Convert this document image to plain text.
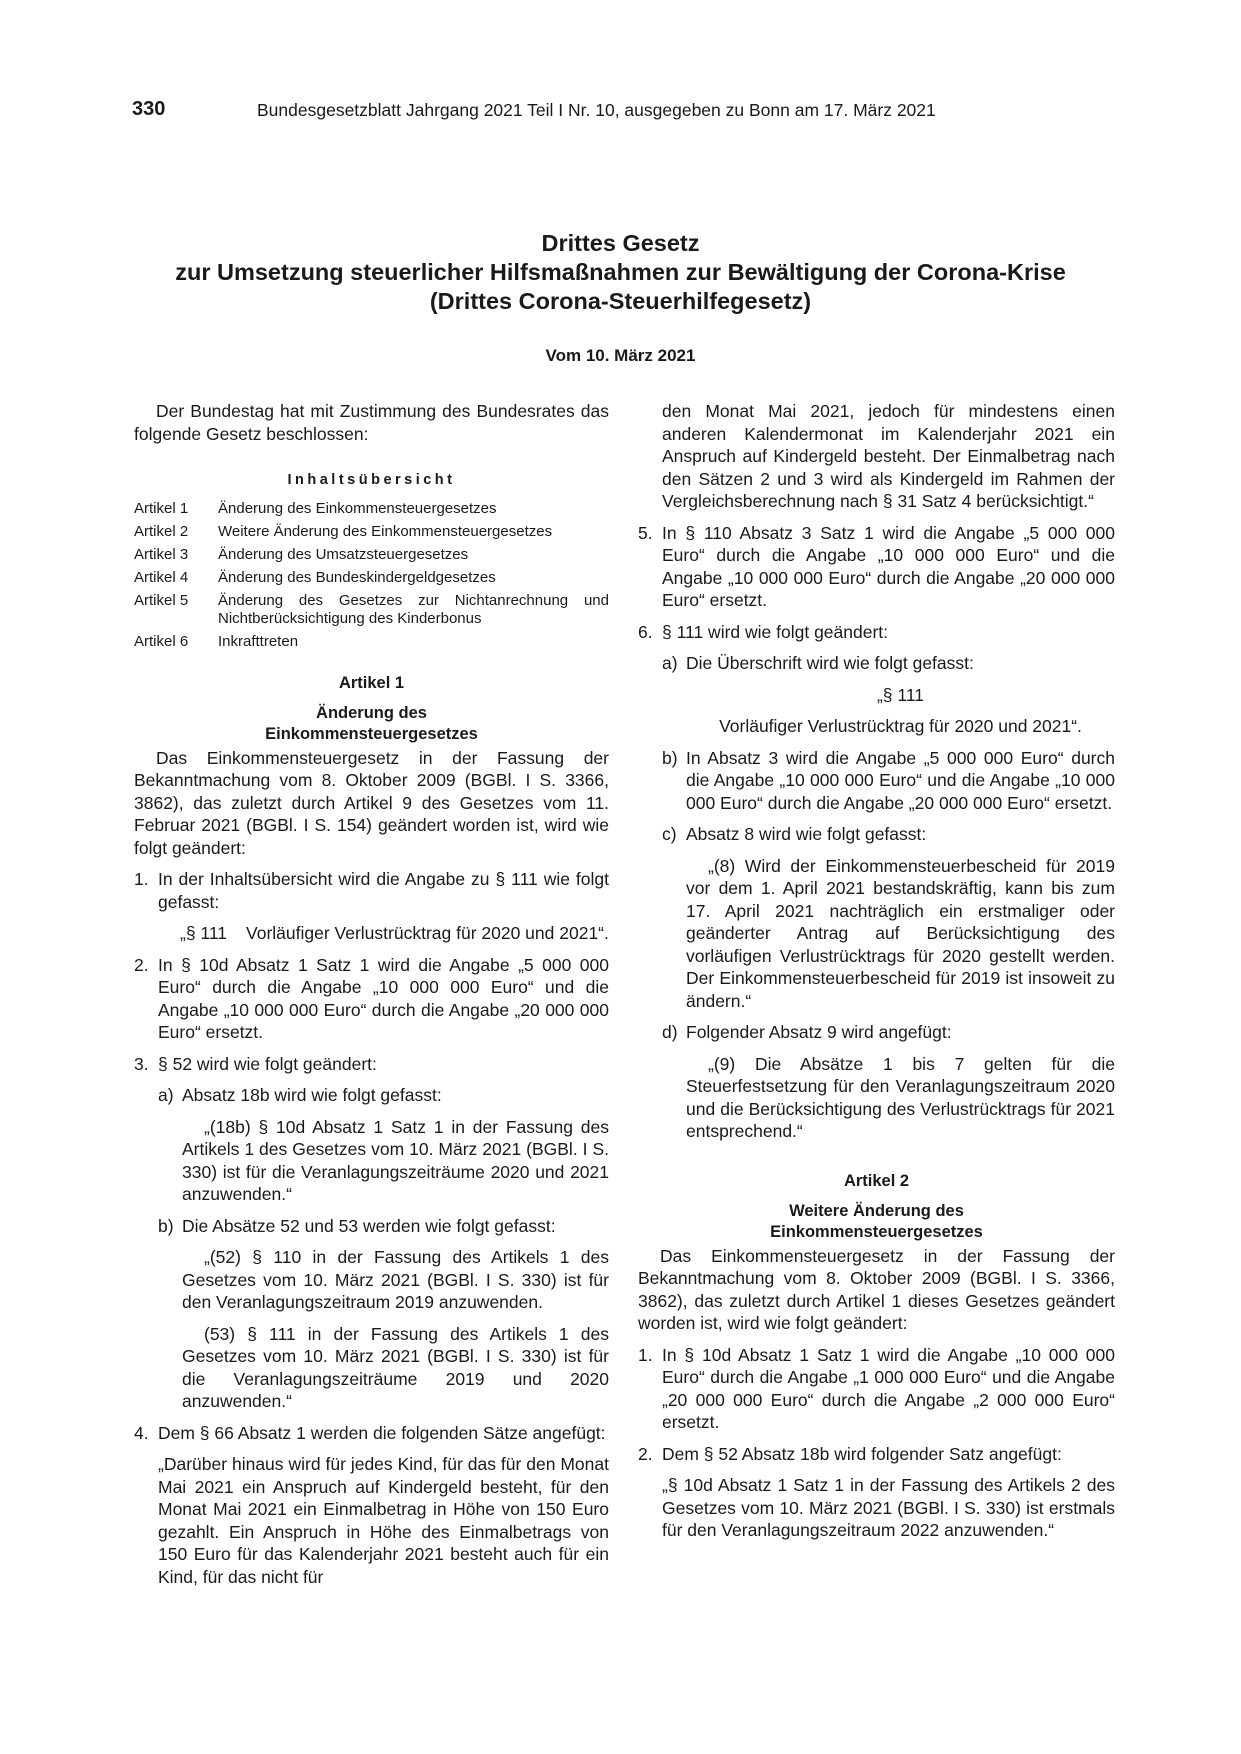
330	Bundesgesetzblatt Jahrgang 2021 Teil I Nr. 10, ausgegeben zu Bonn am 17. März 2021
Drittes Gesetz
zur Umsetzung steuerlicher Hilfsmaßnahmen zur Bewältigung der Corona-Krise
(Drittes Corona-Steuerhilfegesetz)
Vom 10. März 2021

Der Bundestag hat mit Zustimmung des Bundesrates das folgende Gesetz beschlossen:

Inhaltsübersicht
Artikel 1	Änderung des Einkommensteuergesetzes
Artikel 2	Weitere Änderung des Einkommensteuergesetzes
Artikel 3	Änderung des Umsatzsteuergesetzes
Artikel 4	Änderung des Bundeskindergeldgesetzes
Artikel 5	Änderung des Gesetzes zur Nichtanrechnung und Nichtberücksichtigung des Kinderbonus
Artikel 6	Inkrafttreten
Artikel 1
Änderung des
Einkommensteuergesetzes

Das Einkommensteuergesetz in der Fassung der Bekanntmachung vom 8. Oktober 2009 (BGBl. I S. 3366, 3862), das zuletzt durch Artikel 9 des Gesetzes vom 11. Februar 2021 (BGBl. I S. 154) geändert worden ist, wird wie folgt geändert:

1. In der Inhaltsübersicht wird die Angabe zu § 111 wie folgt gefasst:

„§ 111	Vorläufiger Verlustrücktrag für 2020 und 2021“.
2. In § 10d Absatz 1 Satz 1 wird die Angabe „5 000 000 Euro“ durch die Angabe „10 000 000 Euro“ und die Angabe „10 000 000 Euro“ durch die Angabe „20 000 000 Euro“ ersetzt.

3. § 52 wird wie folgt geändert:

a) Absatz 18b wird wie folgt gefasst:

„(18b) § 10d Absatz 1 Satz 1 in der Fassung des Artikels 1 des Gesetzes vom 10. März 2021 (BGBl. I S. 330) ist für die Veranlagungszeiträume 2020 und 2021 anzuwenden.“

b) Die Absätze 52 und 53 werden wie folgt gefasst:

„(52) § 110 in der Fassung des Artikels 1 des Gesetzes vom 10. März 2021 (BGBl. I S. 330) ist für den Veranlagungszeitraum 2019 anzuwenden.

(53) § 111 in der Fassung des Artikels 1 des Gesetzes vom 10. März 2021 (BGBl. I S. 330) ist für die Veranlagungszeiträume 2019 und 2020 anzuwenden.“

4. Dem § 66 Absatz 1 werden die folgenden Sätze angefügt:

„Darüber hinaus wird für jedes Kind, für das für den Monat Mai 2021 ein Anspruch auf Kindergeld besteht, für den Monat Mai 2021 ein Einmalbetrag in Höhe von 150 Euro gezahlt. Ein Anspruch in Höhe des Einmalbetrags von 150 Euro für das Kalenderjahr 2021 besteht auch für ein Kind, für das nicht für

den Monat Mai 2021, jedoch für mindestens einen anderen Kalendermonat im Kalenderjahr 2021 ein Anspruch auf Kindergeld besteht. Der Einmalbetrag nach den Sätzen 2 und 3 wird als Kindergeld im Rahmen der Vergleichsberechnung nach § 31 Satz 4 berücksichtigt.“

5. In § 110 Absatz 3 Satz 1 wird die Angabe „5 000 000 Euro“ durch die Angabe „10 000 000 Euro“ und die Angabe „10 000 000 Euro“ durch die Angabe „20 000 000 Euro“ ersetzt.

6. § 111 wird wie folgt geändert:

a) Die Überschrift wird wie folgt gefasst:

„§ 111

Vorläufiger Verlustrücktrag für 2020 und 2021“.

b) In Absatz 3 wird die Angabe „5 000 000 Euro“ durch die Angabe „10 000 000 Euro“ und die Angabe „10 000 000 Euro“ durch die Angabe „20 000 000 Euro“ ersetzt.

c) Absatz 8 wird wie folgt gefasst:

„(8) Wird der Einkommensteuerbescheid für 2019 vor dem 1. April 2021 bestandskräftig, kann bis zum 17. April 2021 nachträglich ein erstmaliger oder geänderter Antrag auf Berücksichtigung des vorläufigen Verlustrücktrags für 2020 gestellt werden. Der Einkommensteuerbescheid für 2019 ist insoweit zu ändern.“

d) Folgender Absatz 9 wird angefügt:

„(9) Die Absätze 1 bis 7 gelten für die Steuerfestsetzung für den Veranlagungszeitraum 2020 und die Berücksichtigung des Verlustrücktrags für 2021 entsprechend.“

Artikel 2
Weitere Änderung des
Einkommensteuergesetzes

Das Einkommensteuergesetz in der Fassung der Bekanntmachung vom 8. Oktober 2009 (BGBl. I S. 3366, 3862), das zuletzt durch Artikel 1 dieses Gesetzes geändert worden ist, wird wie folgt geändert:

1. In § 10d Absatz 1 Satz 1 wird die Angabe „10 000 000 Euro“ durch die Angabe „1 000 000 Euro“ und die Angabe „20 000 000 Euro“ durch die Angabe „2 000 000 Euro“ ersetzt.

2. Dem § 52 Absatz 18b wird folgender Satz angefügt:

„§ 10d Absatz 1 Satz 1 in der Fassung des Artikels 2 des Gesetzes vom 10. März 2021 (BGBl. I S. 330) ist erstmals für den Veranlagungszeitraum 2022 anzuwenden.“
